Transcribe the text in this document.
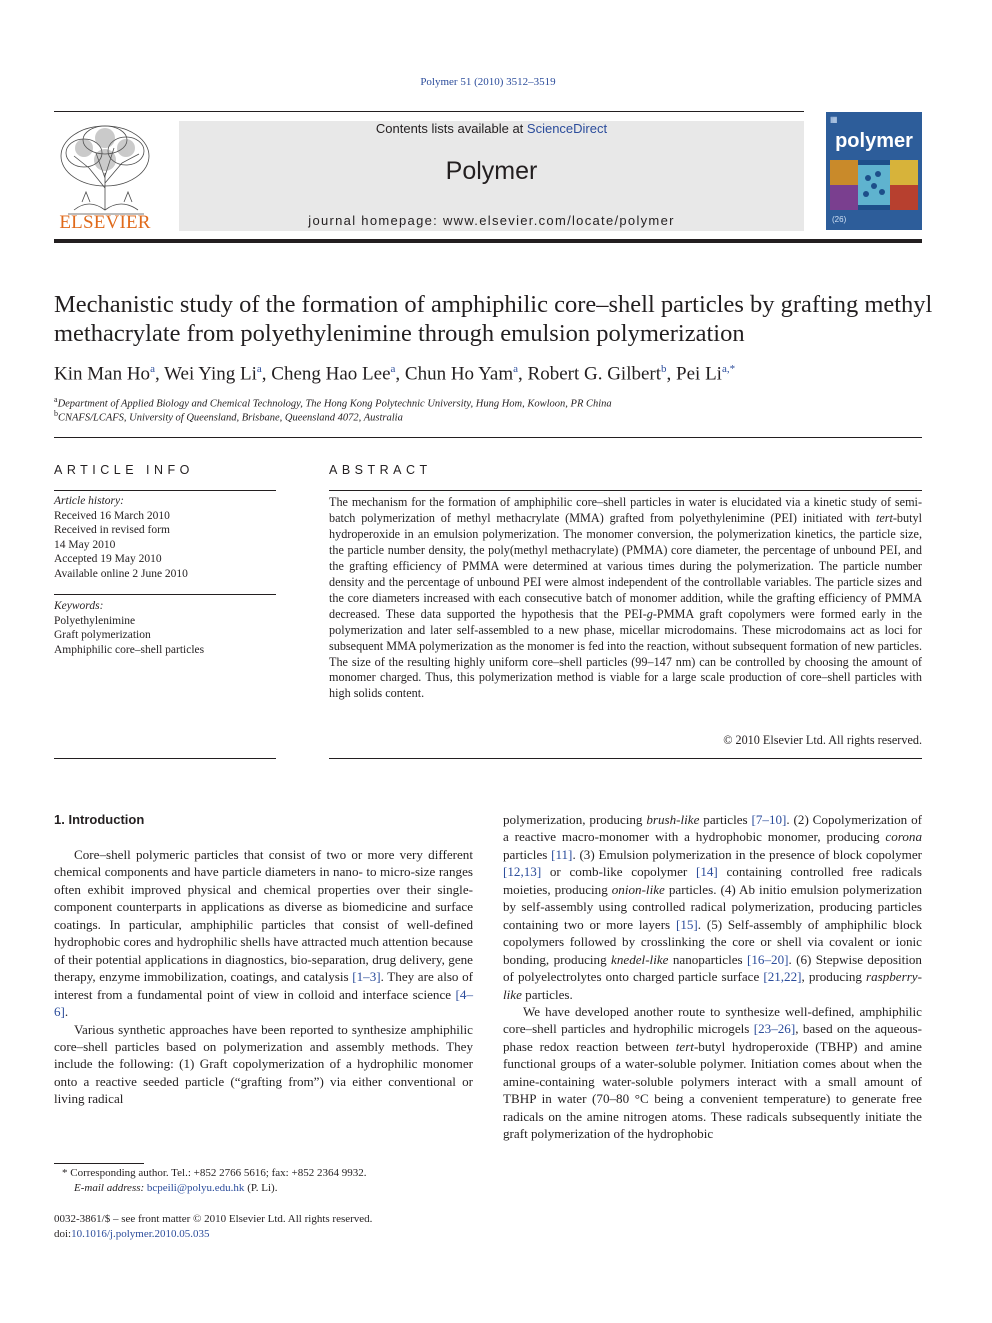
Polymer 51 (2010) 3512–3519
ELSEVIER
Contents lists available at ScienceDirect
Polymer
journal homepage: www.elsevier.com/locate/polymer
▦
polymer
(26)
Mechanistic study of the formation of amphiphilic core–shell particles by grafting methyl methacrylate from polyethylenimine through emulsion polymerization
Kin Man Ho$^a$, Wei Ying Li$^a$, Cheng Hao Lee$^a$, Chun Ho Yam$^a$, Robert G. Gilbert$^b$, Pei $Li^{a,*}$
$^a$Department of Applied Biology and Chemical Technology, The Hong Kong Polytechnic University, Hung Hom, Kowloon, PR China
$^b$CNAFS/LCAFS, University of Queensland, Brisbane, Queensland 4072, Australia
ARTICLE INFO
Article history:
Received 16 March 2010
Received in revised form
14 May 2010
Accepted 19 May 2010
Available online 2 June 2010
Keywords:
Polyethylenimine
Graft polymerization
Amphiphilic core–shell particles
ABSTRACT
The mechanism for the formation of amphiphilic core–shell particles in water is elucidated via a kinetic study of semi-batch polymerization of methyl methacrylate (MMA) grafted from polyethylenimine (PEI) initiated with tert-butyl hydroperoxide in an emulsion polymerization. The monomer conversion, the polymerization kinetics, the particle size, the particle number density, the poly(methyl methacrylate) (PMMA) core diameter, the percentage of unbound PEI, and the grafting efficiency of PMMA were determined at various times during the polymerization. The particle number density and the percentage of unbound PEI were almost independent of the controllable variables. The particle sizes and the core diameters increased with each consecutive batch of monomer addition, while the grafting efficiency of PMMA decreased. These data supported the hypothesis that the PEI-g-PMMA graft copolymers were formed early in the polymerization and later self-assembled to a new phase, micellar microdomains. These microdomains act as loci for subsequent MMA polymerization as the monomer is fed into the reaction, without subsequent formation of new particles. The size of the resulting highly uniform core–shell particles (99–147 nm) can be controlled by choosing the amount of monomer charged. Thus, this polymerization method is viable for a large scale production of core–shell particles with high solids content.
© 2010 Elsevier Ltd. All rights reserved.
1. Introduction

Core–shell polymeric particles that consist of two or more very different chemical components and have particle diameters in nano- to micro-size ranges often exhibit improved physical and chemical properties over their single-component counterparts in applications as diverse as biomedicine and surface coatings. In particular, amphiphilic particles that consist of well-defined hydrophobic cores and hydrophilic shells have attracted much attention because of their potential applications in diagnostics, bio-separation, drug delivery, gene therapy, enzyme immobilization, coatings, and catalysis [1–3]. They are also of interest from a fundamental point of view in colloid and interface science [4–6].

Various synthetic approaches have been reported to synthesize amphiphilic core–shell particles based on polymerization and assembly methods. They include the following: (1) Graft copolymerization of a hydrophilic monomer onto a reactive seeded particle (“grafting from”) via either conventional or living radical

polymerization, producing brush-like particles [7–10]. (2) Copolymerization of a reactive macro-monomer with a hydrophobic monomer, producing corona particles [11]. (3) Emulsion polymerization in the presence of block copolymer [12,13] or comb-like copolymer [14] containing controlled free radicals moieties, producing onion-like particles. (4) Ab initio emulsion polymerization by self-assembly using controlled radical polymerization, producing particles containing two or more layers [15]. (5) Self-assembly of amphiphilic block copolymers followed by crosslinking the core or shell via covalent or ionic bonding, producing knedel-like nanoparticles [16–20]. (6) Stepwise deposition of polyelectrolytes onto charged particle surface [21,22], producing raspberry-like particles.

We have developed another route to synthesize well-defined, amphiphilic core–shell particles and hydrophilic microgels [23–26], based on the aqueous-phase redox reaction between tert-butyl hydroperoxide (TBHP) and amine functional groups of a water-soluble polymer. Initiation comes about when the amine-containing water-soluble polymers interact with a small amount of TBHP in water (70–80 °C being a convenient temperature) to generate free radicals on the amine nitrogen atoms. These radicals subsequently initiate the graft polymerization of the hydrophobic

* Corresponding author. Tel.: +852 2766 5616; fax: +852 2364 9932.
E-mail address: bcpeili@polyu.edu.hk (P. Li).
0032-3861/$ – see front matter © 2010 Elsevier Ltd. All rights reserved.
doi:10.1016/j.polymer.2010.05.035
